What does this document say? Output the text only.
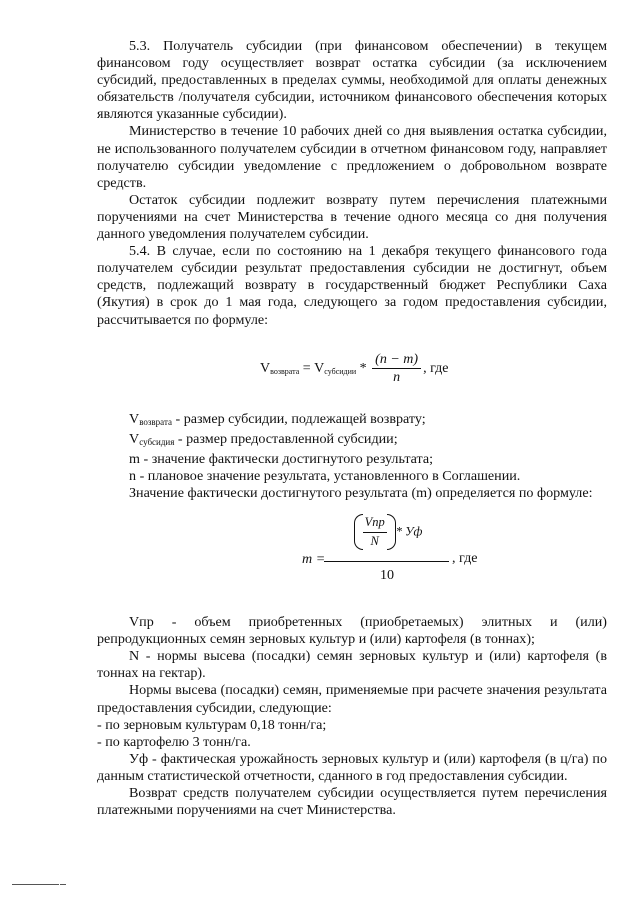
5.3. Получатель субсидии (при финансовом обеспечении) в текущем финансовом году осуществляет возврат остатка субсидии (за исключением субсидий, предоставленных в пределах суммы, необходимой для оплаты денежных обязательств /получателя субсидии, источником финансового обеспечения которых являются указанные субсидии).

Министерство в течение 10 рабочих дней со дня выявления остатка субсидии, не использованного получателем субсидии в отчетном финансовом году, направляет получателю субсидии уведомление с предложением о добровольном возврате средств.

Остаток субсидии подлежит возврату путем перечисления платежными поручениями на счет Министерства в течение одного месяца со дня получения данного уведомления получателем субсидии.

5.4. В случае, если по состоянию на 1 декабря текущего финансового года получателем субсидии результат предоставления субсидии не достигнут, объем средств, подлежащий возврату в государственный бюджет Республики Саха (Якутия) в срок до 1 мая года, следующего за годом предоставления субсидии, рассчитывается по формуле:

$V_{возврата} = V_{субсидии} * \frac{(n - m)}{n}$ , где

Vвозврата - размер субсидии, подлежащей возврату;

Vсубсидия - размер предоставленной субсидии;

m - значение фактически достигнутого результата;

n - плановое значение результата, установленного в Соглашении.

Значение фактически достигнутого результата (m) определяется по формуле:

m =
$\frac{\text{Vпр}}{N}$ * Уф
10
, где

Vпр - объем приобретенных (приобретаемых) элитных и (или) репродукционных семян зерновых культур и (или) картофеля (в тоннах);

N - нормы высева (посадки) семян зерновых культур и (или) картофеля (в тоннах на гектар).

Нормы высева (посадки) семян, применяемые при расчете значения результата предоставления субсидии, следующие:

- по зерновым культурам 0,18 тонн/га;

- по картофелю 3 тонн/га.

Уф - фактическая урожайность зерновых культур и (или) картофеля (в ц/га) по данным статистической отчетности, сданного в год предоставления субсидии.

Возврат средств получателем субсидии осуществляется путем перечисления платежными поручениями на счет Министерства.
